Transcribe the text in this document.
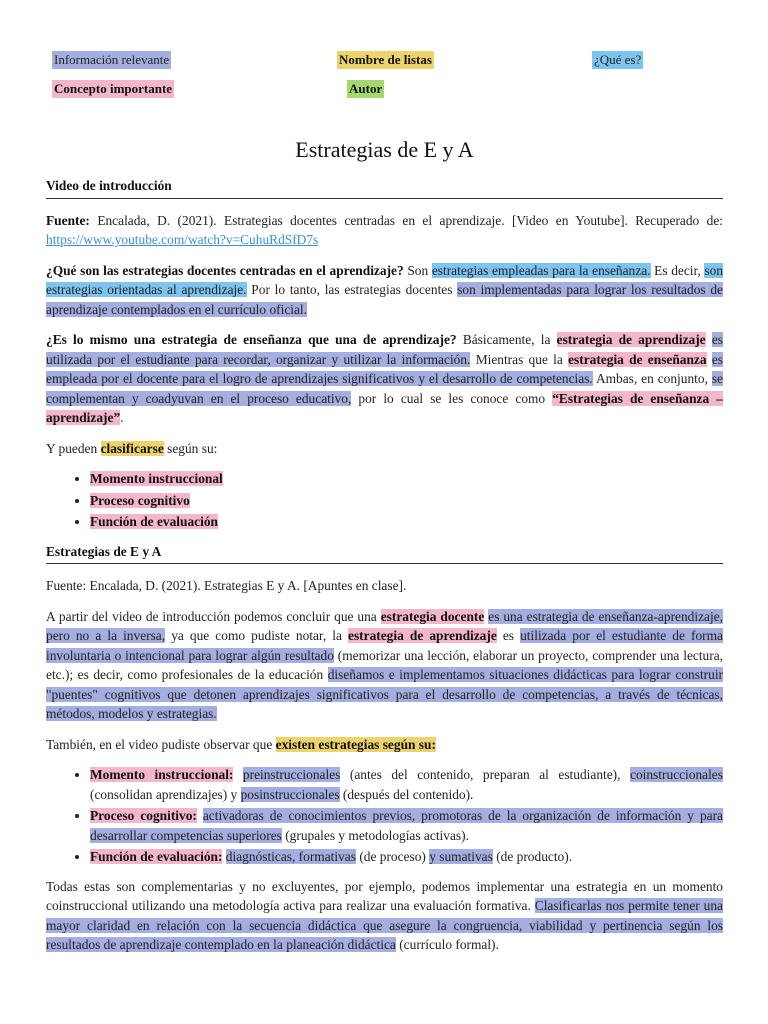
Información relevante	Nombre de listas	¿Qué es?
Concepto importante	Autor
Estrategias de E y A
Video de introducción

Fuente: Encalada, D. (2021). Estrategias docentes centradas en el aprendizaje. [Video en Youtube]. Recuperado de: https://www.youtube.com/watch?v=CuhuRdSfD7s

¿Qué son las estrategias docentes centradas en el aprendizaje? Son estrategias empleadas para la enseñanza. Es decir, son estrategias orientadas al aprendizaje. Por lo tanto, las estrategias docentes son implementadas para lograr los resultados de aprendizaje contemplados en el currículo oficial.

¿Es lo mismo una estrategia de enseñanza que una de aprendizaje? Básicamente, la estrategia de aprendizaje es utilizada por el estudiante para recordar, organizar y utilizar la información. Mientras que la estrategia de enseñanza es empleada por el docente para el logro de aprendizajes significativos y el desarrollo de competencias. Ambas, en conjunto, se complementan y coadyuvan en el proceso educativo, por lo cual se les conoce como “Estrategias de enseñanza – aprendizaje”.

Y pueden clasificarse según su:

• Momento instruccional
• Proceso cognitivo
• Función de evaluación
Estrategias de E y A

Fuente: Encalada, D. (2021). Estrategias E y A. [Apuntes en clase].

A partir del video de introducción podemos concluir que una estrategia docente es una estrategia de enseñanza-aprendizaje, pero no a la inversa, ya que como pudiste notar, la estrategia de aprendizaje es utilizada por el estudiante de forma involuntaria o intencional para lograr algún resultado (memorizar una lección, elaborar un proyecto, comprender una lectura, etc.); es decir, como profesionales de la educación diseñamos e implementamos situaciones didácticas para lograr construir "puentes" cognitivos que detonen aprendizajes significativos para el desarrollo de competencias, a través de técnicas, métodos, modelos y estrategias.

También, en el video pudiste observar que existen estrategias según su:

• Momento instruccional: preinstruccionales (antes del contenido, preparan al estudiante), coinstruccionales (consolidan aprendizajes) y posinstruccionales (después del contenido).
• Proceso cognitivo: activadoras de conocimientos previos, promotoras de la organización de información y para desarrollar competencias superiores (grupales y metodologías activas).
• Función de evaluación: diagnósticas, formativas (de proceso) y sumativas (de producto).

Todas estas son complementarias y no excluyentes, por ejemplo, podemos implementar una estrategia en un momento coinstruccional utilizando una metodología activa para realizar una evaluación formativa. Clasificarlas nos permite tener una mayor claridad en relación con la secuencia didáctica que asegure la congruencia, viabilidad y pertinencia según los resultados de aprendizaje contemplado en la planeación didáctica (currículo formal).
